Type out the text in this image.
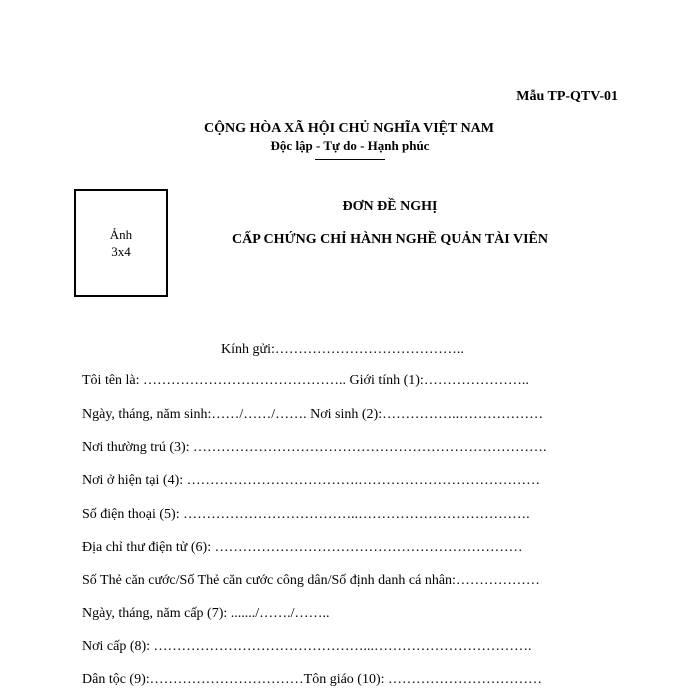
Mẫu TP-QTV-01
CỘNG HÒA XÃ HỘI CHỦ NGHĨA VIỆT NAM
Độc lập - Tự do - Hạnh phúc
Ảnh
3x4
ĐƠN ĐỀ NGHỊ
CẤP CHỨNG CHỈ HÀNH NGHỀ QUẢN TÀI VIÊN
Kính gửi:…………………………………..
Tôi tên là: …………………………………….. Giới tính (1):…………………..
Ngày, tháng, năm sinh:……/……/……. Nơi sinh (2):……………..………………
Nơi thường trú (3): ………………………………………………………………….
Nơi ở hiện tại (4): ……………………………….…………………………………
Số điện thoại (5): ………………………………..……………………………….
Địa chỉ thư điện tử (6): …………………………………………………………
Số Thẻ căn cước/Số Thẻ căn cước công dân/Số định danh cá nhân:………………
Ngày, tháng, năm cấp (7): ......./……./……..
Nơi cấp (8): ………………………………………...…………………………….
Dân tộc (9):……………………………Tôn giáo (10): ……………………………
